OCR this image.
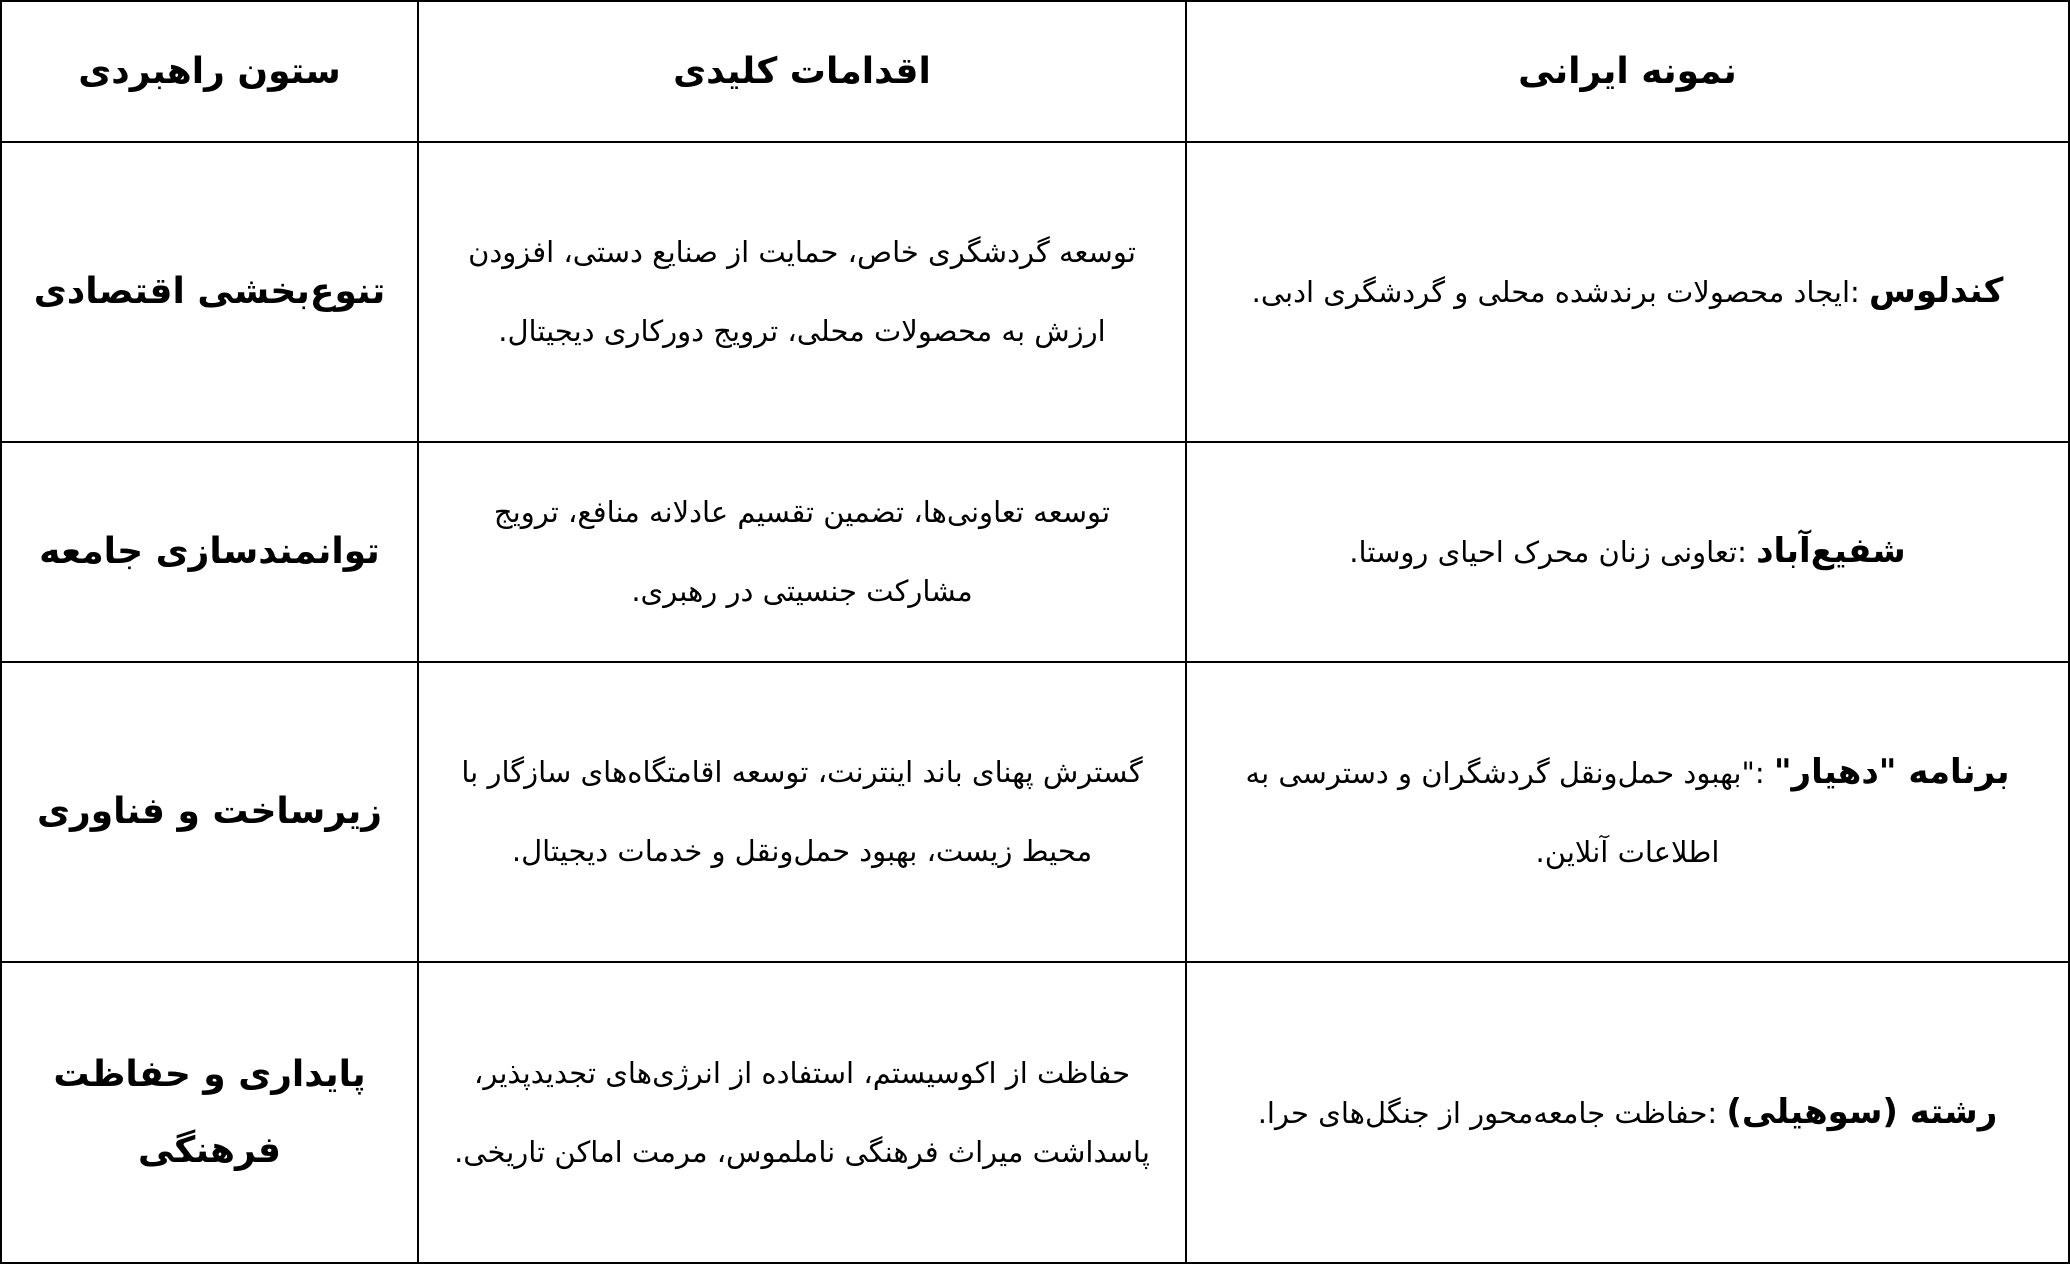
نمونه ایرانی	اقدامات کلیدی	ستون راهبردی
کندلوس :ایجاد محصولات برندشده محلی و گردشگری ادبی.	توسعه گردشگری خاص، حمایت از صنایع دستی، افزودن ارزش به محصولات محلی، ترویج دورکاری دیجیتال.	تنوع‌بخشی اقتصادی
شفیع‌آباد :تعاونی زنان محرک احیای روستا.	توسعه تعاونی‌ها، تضمین تقسیم عادلانه منافع، ترویج مشارکت جنسیتی در رهبری.	توانمندسازی جامعه
برنامه "دهیار" :"بهبود حمل‌ونقل گردشگران و دسترسی به اطلاعات آنلاین.	گسترش پهنای باند اینترنت، توسعه اقامتگاه‌های سازگار با محیط زیست، بهبود حمل‌ونقل و خدمات دیجیتال.	زیرساخت و فناوری
رشته (سوهیلی) :حفاظت جامعه‌محور از جنگل‌های حرا.	حفاظت از اکوسیستم، استفاده از انرژی‌های تجدیدپذیر، پاسداشت میراث فرهنگی ناملموس، مرمت اماکن تاریخی.	پایداری و حفاظت فرهنگی
